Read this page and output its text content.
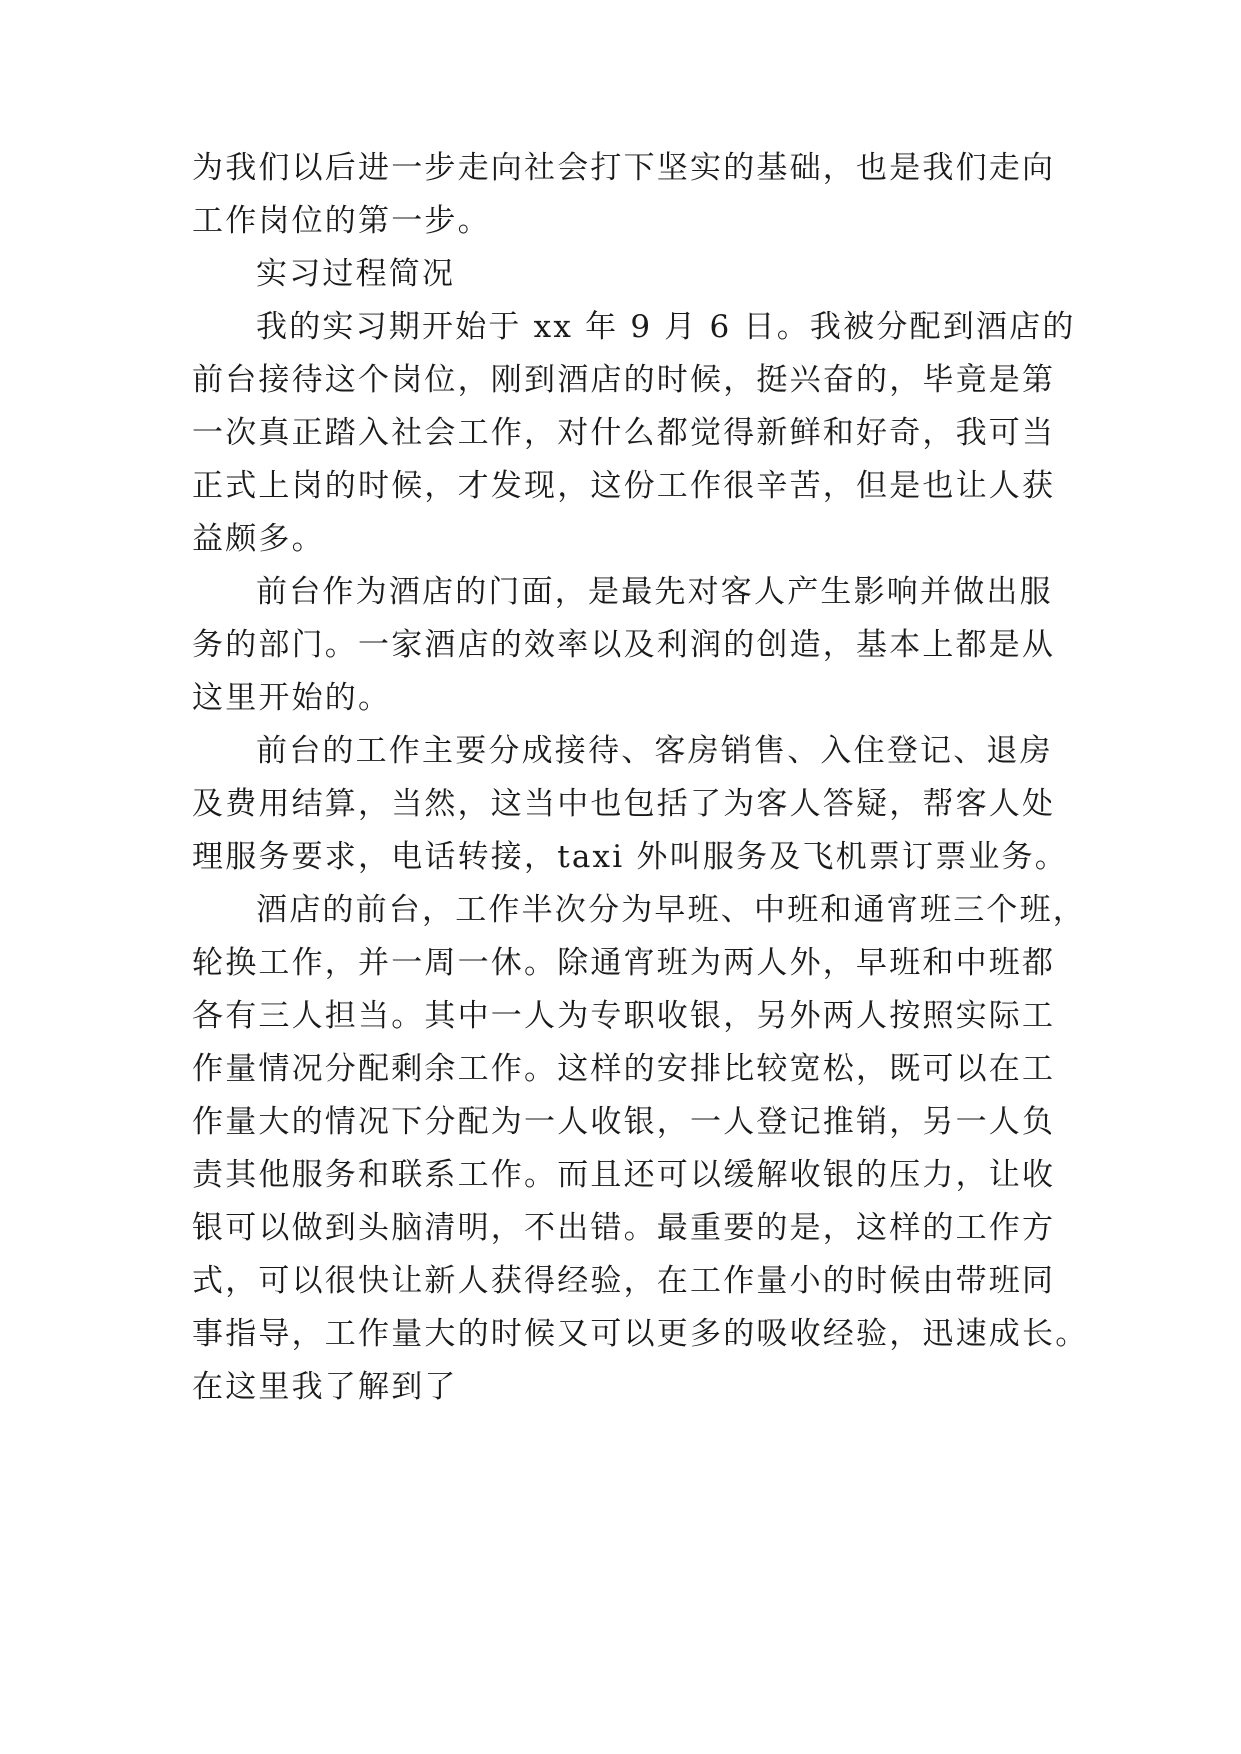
为我们以后进一步走向社会打下坚实的基础，也是我们走向
工作岗位的第一步。
实习过程简况
我的实习期开始于 xx 年 9 月 6 日。我被分配到酒店的
前台接待这个岗位，刚到酒店的时候，挺兴奋的，毕竟是第
一次真正踏入社会工作，对什么都觉得新鲜和好奇，我可当
正式上岗的时候，才发现，这份工作很辛苦，但是也让人获
益颇多。
前台作为酒店的门面，是最先对客人产生影响并做出服
务的部门。一家酒店的效率以及利润的创造，基本上都是从
这里开始的。
前台的工作主要分成接待、客房销售、入住登记、退房
及费用结算，当然，这当中也包括了为客人答疑，帮客人处
理服务要求，电话转接，taxi 外叫服务及飞机票订票业务。
酒店的前台，工作半次分为早班、中班和通宵班三个班，
轮换工作，并一周一休。除通宵班为两人外，早班和中班都
各有三人担当。其中一人为专职收银，另外两人按照实际工
作量情况分配剩余工作。这样的安排比较宽松，既可以在工
作量大的情况下分配为一人收银，一人登记推销，另一人负
责其他服务和联系工作。而且还可以缓解收银的压力，让收
银可以做到头脑清明，不出错。最重要的是，这样的工作方
式，可以很快让新人获得经验，在工作量小的时候由带班同
事指导，工作量大的时候又可以更多的吸收经验，迅速成长。
在这里我了解到了
